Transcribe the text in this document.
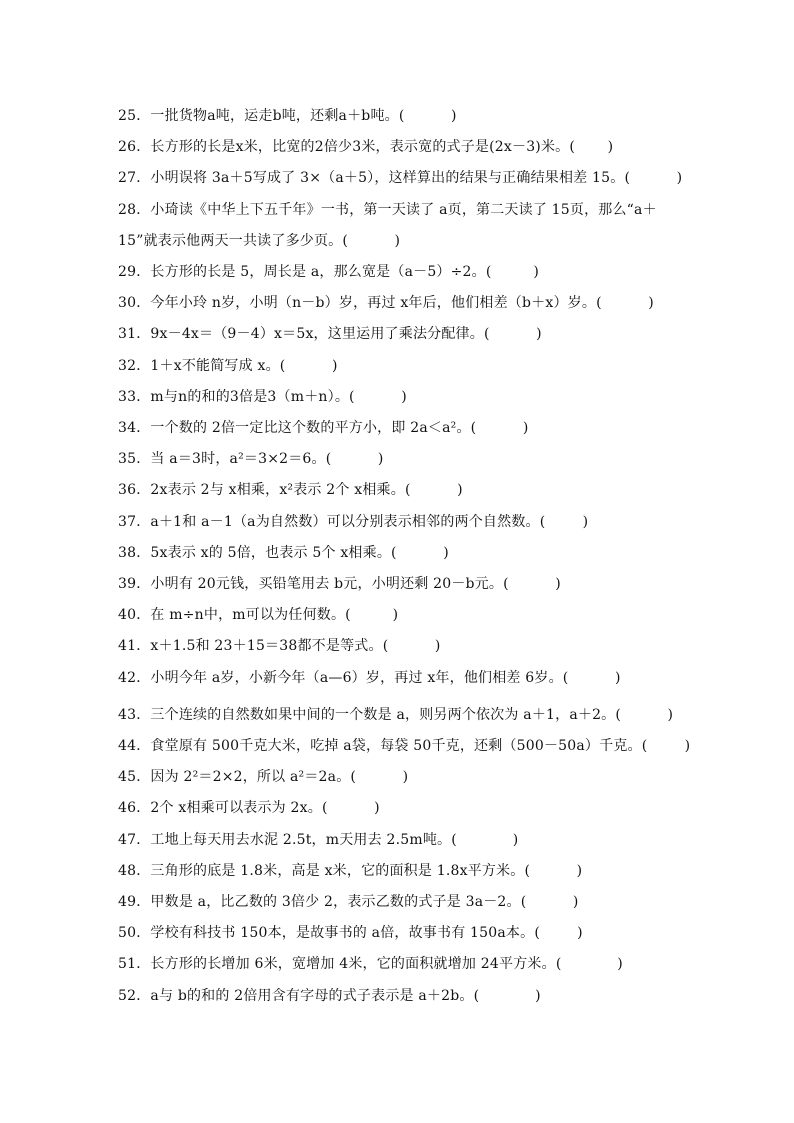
25．一批货物a吨，运走b吨，还剩a＋b吨。(          )
26．长方形的长是x米，比宽的2倍少3米，表示宽的式子是(2x－3)米。(       )
27．小明误将 3a＋5写成了 3×（a＋5），这样算出的结果与正确结果相差 15。(          )
28．小琦读《中华上下五千年》一书，第一天读了 a页，第二天读了 15页，那么“a＋15”就表示他两天一共读了多少页。(          )
29．长方形的长是 5，周长是 a，那么宽是（a－5）÷2。(         )
30．今年小玲 n岁，小明（n－b）岁，再过 x年后，他们相差（b＋x）岁。(          )
31．9x－4x＝（9－4）x＝5x，这里运用了乘法分配律。(          )
32．1＋x不能简写成 x。(          )
33．m与n的和的3倍是3（m＋n）。(          )
34．一个数的 2倍一定比这个数的平方小，即 2a＜a²。(          )
35．当 a＝3时，a²＝3×2＝6。(          )
36．2x表示 2与 x相乘，x²表示 2个 x相乘。(          )
37．a＋1和 a－1（a为自然数）可以分别表示相邻的两个自然数。(        )
38．5x表示 x的 5倍，也表示 5个 x相乘。(          )
39．小明有 20元钱，买铅笔用去 b元，小明还剩 20－b元。(          )
40．在 m÷n中，m可以为任何数。(         )
41．x＋1.5和 23＋15＝38都不是等式。(          )
42．小明今年 a岁，小新今年（a—6）岁，再过 x年，他们相差 6岁。(          )
43．三个连续的自然数如果中间的一个数是 a，则另两个依次为 a＋1，a＋2。(          )
44．食堂原有 500千克大米，吃掉 a袋，每袋 50千克，还剩（500－50a）千克。(        )
45．因为 2²＝2×2，所以 a²＝2a。(          )
46．2个 x相乘可以表示为 2x。(          )
47．工地上每天用去水泥 2.5t，m天用去 2.5m吨。(            )
48．三角形的底是 1.8米，高是 x米，它的面积是 1.8x平方米。(          )
49．甲数是 a，比乙数的 3倍少 2，表示乙数的式子是 3a－2。(          )
50．学校有科技书 150本，是故事书的 a倍，故事书有 150a本。(        )
51．长方形的长增加 6米，宽增加 4米，它的面积就增加 24平方米。(            )
52．a与 b的和的 2倍用含有字母的式子表示是 a＋2b。(            )
